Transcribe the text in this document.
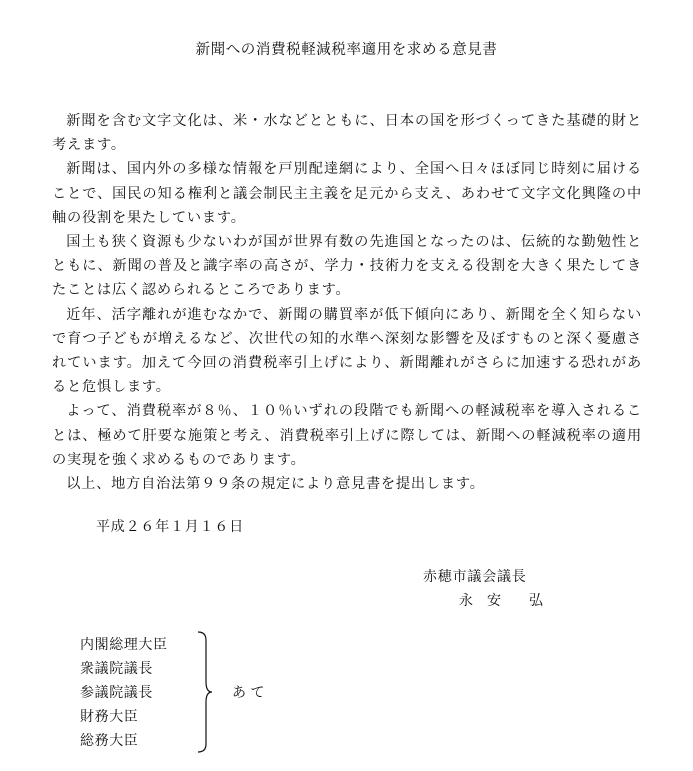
新聞への消費税軽減税率適用を求める意見書

新聞を含む文字文化は、米・水などとともに、日本の国を形づくってきた基礎的財と考えます。

新聞は、国内外の多様な情報を戸別配達網により、全国へ日々ほぼ同じ時刻に届けることで、国民の知る権利と議会制民主主義を足元から支え、あわせて文字文化興隆の中軸の役割を果たしています。

国土も狭く資源も少ないわが国が世界有数の先進国となったのは、伝統的な勤勉性とともに、新聞の普及と識字率の高さが、学力・技術力を支える役割を大きく果たしてきたことは広く認められるところであります。

近年、活字離れが進むなかで、新聞の購買率が低下傾向にあり、新聞を全く知らないで育つ子どもが増えるなど、次世代の知的水準へ深刻な影響を及ぼすものと深く憂慮されています。加えて今回の消費税率引上げにより、新聞離れがさらに加速する恐れがあると危惧します。

よって、消費税率が８％、１０％いずれの段階でも新聞への軽減税率を導入されることは、極めて肝要な施策と考え、消費税率引上げに際しては、新聞への軽減税率の適用の実現を強く求めるものであります。

以上、地方自治法第９９条の規定により意見書を提出します。

平成２６年１月１６日
赤穂市議会議長
永　安　　弘
内閣総理大臣
衆議院議長
参議院議長
財務大臣
総務大臣
あ て
